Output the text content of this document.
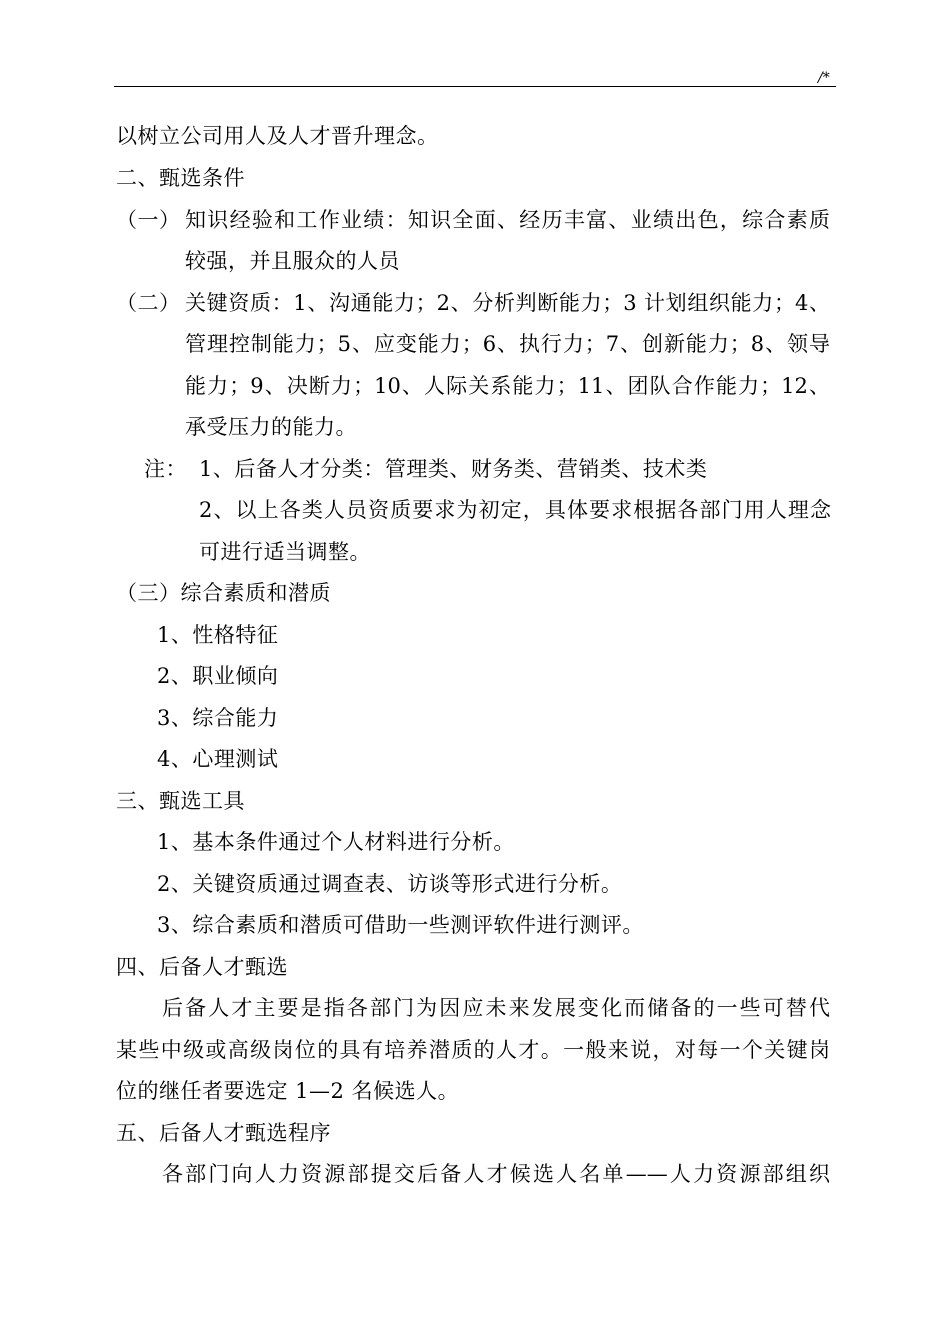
/*
以树立公司用人及人才晋升理念。
二、甄选条件
（一） 知识经验和工作业绩：知识全面、经历丰富、业绩出色，综合素质
较强，并且服众的人员
（二） 关键资质：1、沟通能力；2、分析判断能力；3 计划组织能力；4、
管理控制能力；5、应变能力；6、执行力；7、创新能力；8、领导
能力；9、决断力；10、人际关系能力；11、团队合作能力；12、
承受压力的能力。
注： 1、后备人才分类：管理类、财务类、营销类、技术类
2、以上各类人员资质要求为初定，具体要求根据各部门用人理念
可进行适当调整。
（三）综合素质和潜质
1、性格特征
2、职业倾向
3、综合能力
4、心理测试
三、甄选工具
1、基本条件通过个人材料进行分析。
2、关键资质通过调查表、访谈等形式进行分析。
3、综合素质和潜质可借助一些测评软件进行测评。
四、后备人才甄选
后备人才主要是指各部门为因应未来发展变化而储备的一些可替代
某些中级或高级岗位的具有培养潜质的人才。一般来说，对每一个关键岗
位的继任者要选定 1—2 名候选人。
五、后备人才甄选程序
各部门向人力资源部提交后备人才候选人名单——人力资源部组织
